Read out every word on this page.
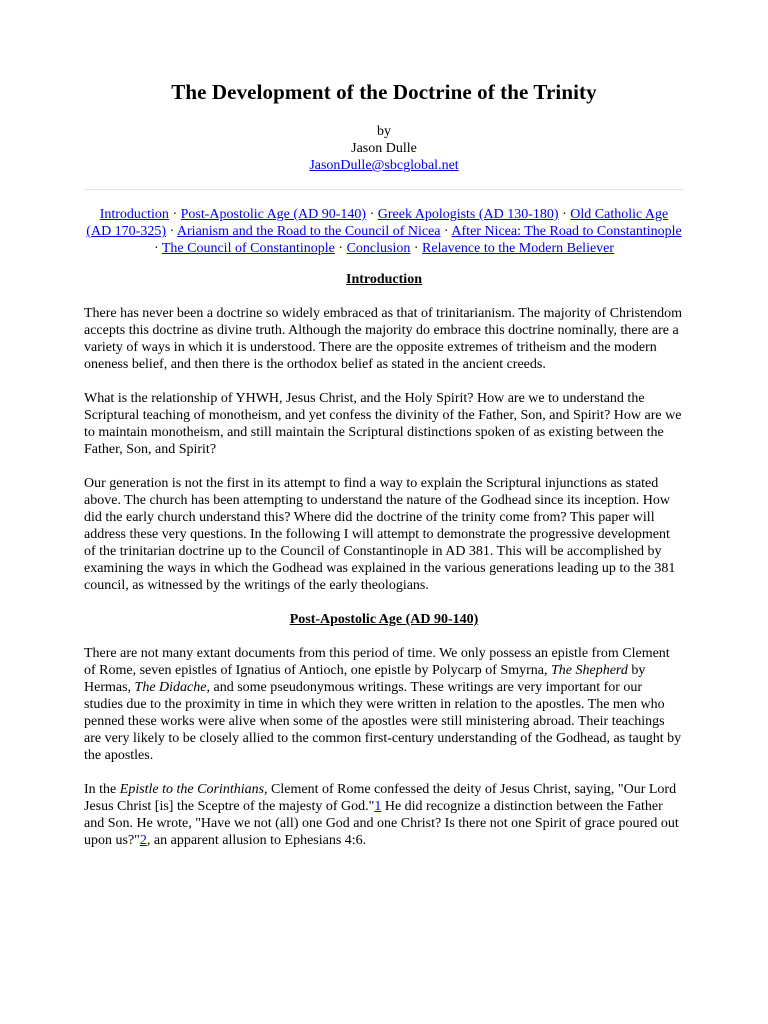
The Development of the Doctrine of the Trinity
by
Jason Dulle
JasonDulle@sbcglobal.net
Introduction · Post-Apostolic Age (AD 90-140) · Greek Apologists (AD 130-180) · Old Catholic Age (AD 170-325) · Arianism and the Road to the Council of Nicea · After Nicea: The Road to Constantinople · The Council of Constantinople · Conclusion · Relavence to the Modern Believer
Introduction

There has never been a doctrine so widely embraced as that of trinitarianism. The majority of Christendom accepts this doctrine as divine truth. Although the majority do embrace this doctrine nominally, there are a variety of ways in which it is understood. There are the opposite extremes of tritheism and the modern oneness belief, and then there is the orthodox belief as stated in the ancient creeds.

What is the relationship of YHWH, Jesus Christ, and the Holy Spirit? How are we to understand the Scriptural teaching of monotheism, and yet confess the divinity of the Father, Son, and Spirit? How are we to maintain monotheism, and still maintain the Scriptural distinctions spoken of as existing between the Father, Son, and Spirit?

Our generation is not the first in its attempt to find a way to explain the Scriptural injunctions as stated above. The church has been attempting to understand the nature of the Godhead since its inception. How did the early church understand this? Where did the doctrine of the trinity come from? This paper will address these very questions. In the following I will attempt to demonstrate the progressive development of the trinitarian doctrine up to the Council of Constantinople in AD 381. This will be accomplished by examining the ways in which the Godhead was explained in the various generations leading up to the 381 council, as witnessed by the writings of the early theologians.

Post-Apostolic Age (AD 90-140)

There are not many extant documents from this period of time. We only possess an epistle from Clement of Rome, seven epistles of Ignatius of Antioch, one epistle by Polycarp of Smyrna, The Shepherd by Hermas, The Didache, and some pseudonymous writings. These writings are very important for our studies due to the proximity in time in which they were written in relation to the apostles. The men who penned these works were alive when some of the apostles were still ministering abroad. Their teachings are very likely to be closely allied to the common first-century understanding of the Godhead, as taught by the apostles.

In the Epistle to the Corinthians, Clement of Rome confessed the deity of Jesus Christ, saying, "Our Lord Jesus Christ [is] the Sceptre of the majesty of God."1 He did recognize a distinction between the Father and Son. He wrote, "Have we not (all) one God and one Christ? Is there not one Spirit of grace poured out upon us?"2, an apparent allusion to Ephesians 4:6.
